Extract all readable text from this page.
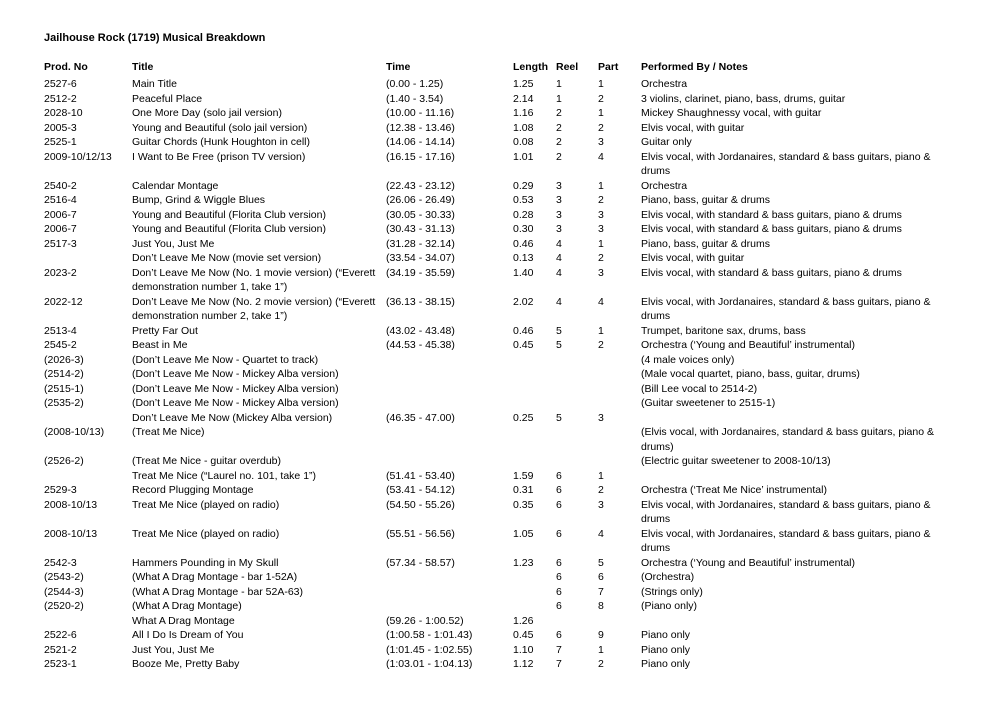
Jailhouse Rock (1719) Musical Breakdown
Prod. No	Title	Time	Length	Reel	Part	Performed By / Notes
2527-6	Main Title	(0.00 - 1.25)	1.25	1	1	Orchestra
2512-2	Peaceful Place	(1.40 - 3.54)	2.14	1	2	3 violins, clarinet, piano, bass, drums, guitar
2028-10	One More Day (solo jail version)	(10.00 - 11.16)	1.16	2	1	Mickey Shaughnessy vocal, with guitar
2005-3	Young and Beautiful (solo jail version)	(12.38 - 13.46)	1.08	2	2	Elvis vocal, with guitar
2525-1	Guitar Chords (Hunk Houghton in cell)	(14.06 - 14.14)	0.08	2	3	Guitar only
2009-10/12/13	I Want to Be Free (prison TV version)	(16.15 - 17.16)	1.01	2	4	Elvis vocal, with Jordanaires, standard & bass guitars, piano & drums
2540-2	Calendar Montage	(22.43 - 23.12)	0.29	3	1	Orchestra
2516-4	Bump, Grind & Wiggle Blues	(26.06 - 26.49)	0.53	3	2	Piano, bass, guitar & drums
2006-7	Young and Beautiful (Florita Club version)	(30.05 - 30.33)	0.28	3	3	Elvis vocal, with standard & bass guitars, piano & drums
2006-7	Young and Beautiful (Florita Club version)	(30.43 - 31.13)	0.30	3	3	Elvis vocal, with standard & bass guitars, piano & drums
2517-3	Just You, Just Me	(31.28 - 32.14)	0.46	4	1	Piano, bass, guitar & drums
	Don’t Leave Me Now (movie set version)	(33.54 - 34.07)	0.13	4	2	Elvis vocal, with guitar
2023-2	Don’t Leave Me Now (No. 1 movie version) (“Everett demonstration number 1, take 1”)	(34.19 - 35.59)	1.40	4	3	Elvis vocal, with standard & bass guitars, piano & drums
2022-12	Don’t Leave Me Now (No. 2 movie version) (“Everett demonstration number 2, take 1”)	(36.13 - 38.15)	2.02	4	4	Elvis vocal, with Jordanaires, standard & bass guitars, piano & drums
2513-4	Pretty Far Out	(43.02 - 43.48)	0.46	5	1	Trumpet, baritone sax, drums, bass
2545-2	Beast in Me	(44.53 - 45.38)	0.45	5	2	Orchestra (‘Young and Beautiful’ instrumental)
(2026-3)	(Don’t Leave Me Now - Quartet to track)					(4 male voices only)
(2514-2)	(Don’t Leave Me Now - Mickey Alba version)					(Male vocal quartet, piano, bass, guitar, drums)
(2515-1)	(Don’t Leave Me Now - Mickey Alba version)					(Bill Lee vocal to 2514-2)
(2535-2)	(Don’t Leave Me Now - Mickey Alba version)					(Guitar sweetener to 2515-1)
	Don’t Leave Me Now (Mickey Alba version)	(46.35 - 47.00)	0.25	5	3	
(2008-10/13)	(Treat Me Nice)					(Elvis vocal, with Jordanaires, standard & bass guitars, piano & drums)
(2526-2)	(Treat Me Nice - guitar overdub)					(Electric guitar sweetener to 2008-10/13)
	Treat Me Nice (“Laurel no. 101, take 1”)	(51.41 - 53.40)	1.59	6	1	
2529-3	Record Plugging Montage	(53.41 - 54.12)	0.31	6	2	Orchestra (‘Treat Me Nice’ instrumental)
2008-10/13	Treat Me Nice (played on radio)	(54.50 - 55.26)	0.35	6	3	Elvis vocal, with Jordanaires, standard & bass guitars, piano & drums
2008-10/13	Treat Me Nice (played on radio)	(55.51 - 56.56)	1.05	6	4	Elvis vocal, with Jordanaires, standard & bass guitars, piano & drums
2542-3	Hammers Pounding in My Skull	(57.34 - 58.57)	1.23	6	5	Orchestra (‘Young and Beautiful’ instrumental)
(2543-2)	(What A Drag Montage - bar 1-52A)			6	6	(Orchestra)
(2544-3)	(What A Drag Montage - bar 52A-63)			6	7	(Strings only)
(2520-2)	(What A Drag Montage)			6	8	(Piano only)
	What A Drag Montage	(59.26 - 1:00.52)	1.26			
2522-6	All I Do Is Dream of You	(1:00.58 - 1:01.43)	0.45	6	9	Piano only
2521-2	Just You, Just Me	(1:01.45 - 1:02.55)	1.10	7	1	Piano only
2523-1	Booze Me, Pretty Baby	(1:03.01 - 1:04.13)	1.12	7	2	Piano only
